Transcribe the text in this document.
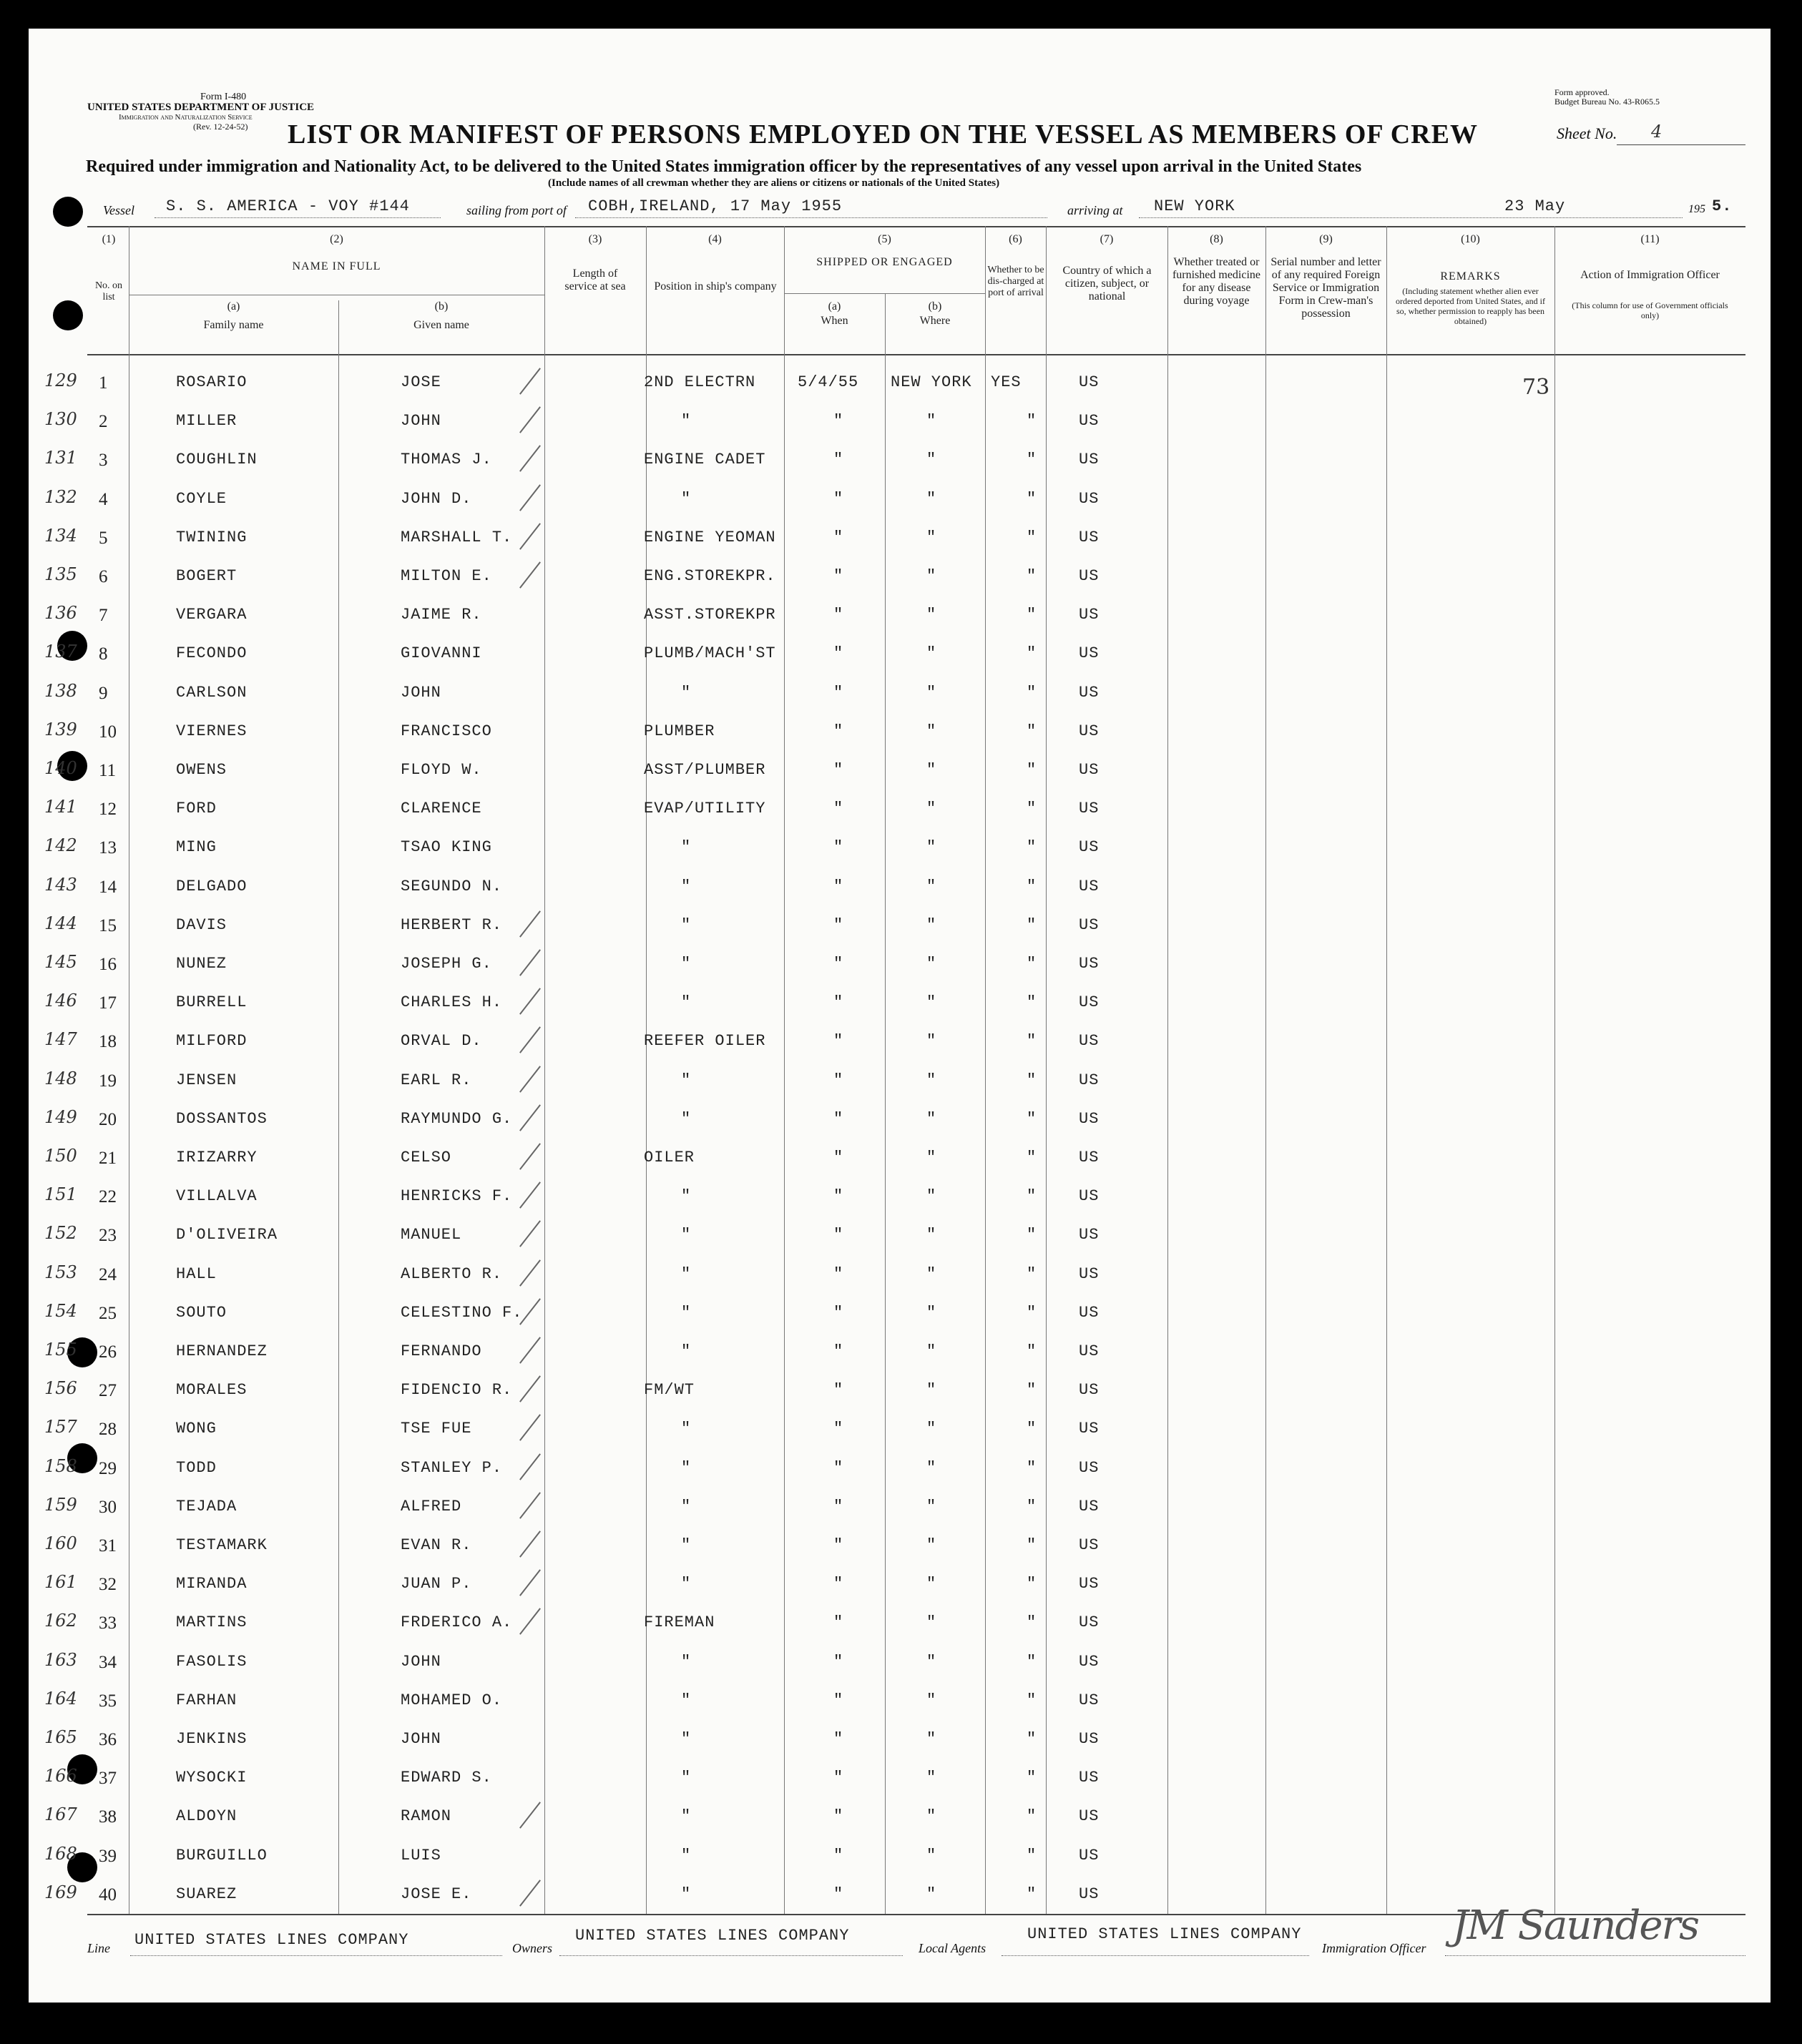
Form I-480
UNITED STATES DEPARTMENT OF JUSTICE
Immigration and Naturalization Service
(Rev. 12-24-52)
Form approved.
Budget Bureau No. 43-R065.5
LIST OR MANIFEST OF PERSONS EMPLOYED ON THE VESSEL AS MEMBERS OF CREW	Sheet No. 4
Required under immigration and Nationality Act, to be delivered to the United States immigration officer by the representatives of any vessel upon arrival in the United States
(Include names of all crewman whether they are aliens or citizens or nationals of the United States)
Vessel S. S. AMERICA - VOY #144	sailing from port of COBH,IRELAND, 17 May 1955	arriving at NEW YORK	23 May	195 5.
(1)
No. on list
(2)
NAME IN FULL
(a)
Family name
(b)
Given name
(3)
Length of service at sea
(4)
Position in ship's company
(5)
SHIPPED OR ENGAGED
(a)
When
(b)
Where
(6)
Whether to be dis-charged at port of arrival
(7)
Country of which a citizen, subject, or national
(8)
Whether treated or furnished medicine for any disease during voyage
(9)
Serial number and letter of any required Foreign Service or Immigration Form in Crew-man's possession
(10)
REMARKS
(Including statement whether alien ever ordered deported from United States, and if so, whether permission to reapply has been obtained)
(11)
Action of Immigration Officer
(This column for use of Government officials only)
73
129 1	ROSARIO	JOSE	2ND ELECTRN	5/4/55 NEW YORK YES	US
130 2	MILLER	JOHN	"	"	"	"	US
131 3	COUGHLIN	THOMAS J.	ENGINE CADET	"	"	"	US
132 4	COYLE	JOHN D.	"	"	"	"	US
134 5	TWINING	MARSHALL T.	ENGINE YEOMAN	"	"	"	US
135 6	BOGERT	MILTON E.	ENG.STOREKPR.	"	"	"	US
136 7	VERGARA	JAIME R.	ASST.STOREKPR	"	"	"	US
137 8	FECONDO	GIOVANNI	PLUMB/MACH'ST	"	"	"	US
138 9	CARLSON	JOHN	"	"	"	"	US
139 10	VIERNES	FRANCISCO	PLUMBER	"	"	"	US
140 11	OWENS	FLOYD W.	ASST/PLUMBER	"	"	"	US
141 12	FORD	CLARENCE	EVAP/UTILITY	"	"	"	US
142 13	MING	TSAO KING	"	"	"	"	US
143 14	DELGADO	SEGUNDO N.	"	"	"	"	US
144 15	DAVIS	HERBERT R.	"	"	"	"	US
145 16	NUNEZ	JOSEPH G.	"	"	"	"	US
146 17	BURRELL	CHARLES H.	"	"	"	"	US
147 18	MILFORD	ORVAL D.	REEFER OILER	"	"	"	US
148 19	JENSEN	EARL R.	"	"	"	"	US
149 20	DOSSANTOS	RAYMUNDO G.	"	"	"	"	US
150 21	IRIZARRY	CELSO	OILER	"	"	"	US
151 22	VILLALVA	HENRICKS F.	"	"	"	"	US
152 23	D'OLIVEIRA	MANUEL	"	"	"	"	US
153 24	HALL	ALBERTO R.	"	"	"	"	US
154 25	SOUTO	CELESTINO F.	"	"	"	"	US
155 26	HERNANDEZ	FERNANDO	"	"	"	"	US
156 27	MORALES	FIDENCIO R.	FM/WT	"	"	"	US
157 28	WONG	TSE FUE	"	"	"	"	US
158 29	TODD	STANLEY P.	"	"	"	"	US
159 30	TEJADA	ALFRED	"	"	"	"	US
160 31	TESTAMARK	EVAN R.	"	"	"	"	US
161 32	MIRANDA	JUAN P.	"	"	"	"	US
162 33	MARTINS	FRDERICO A.	FIREMAN	"	"	"	US
163 34	FASOLIS	JOHN	"	"	"	"	US
164 35	FARHAN	MOHAMED O.	"	"	"	"	US
165 36	JENKINS	JOHN	"	"	"	"	US
166 37	WYSOCKI	EDWARD S.	"	"	"	"	US
167 38	ALDOYN	RAMON	"	"	"	"	US
168 39	BURGUILLO	LUIS	"	"	"	"	US
169 40	SUAREZ	JOSE E.	"	"	"	"	US
Line UNITED STATES LINES COMPANY	Owners
UNITED STATES LINES COMPANY
Local Agents
UNITED STATES LINES COMPANY
Immigration Officer JM Saunders
